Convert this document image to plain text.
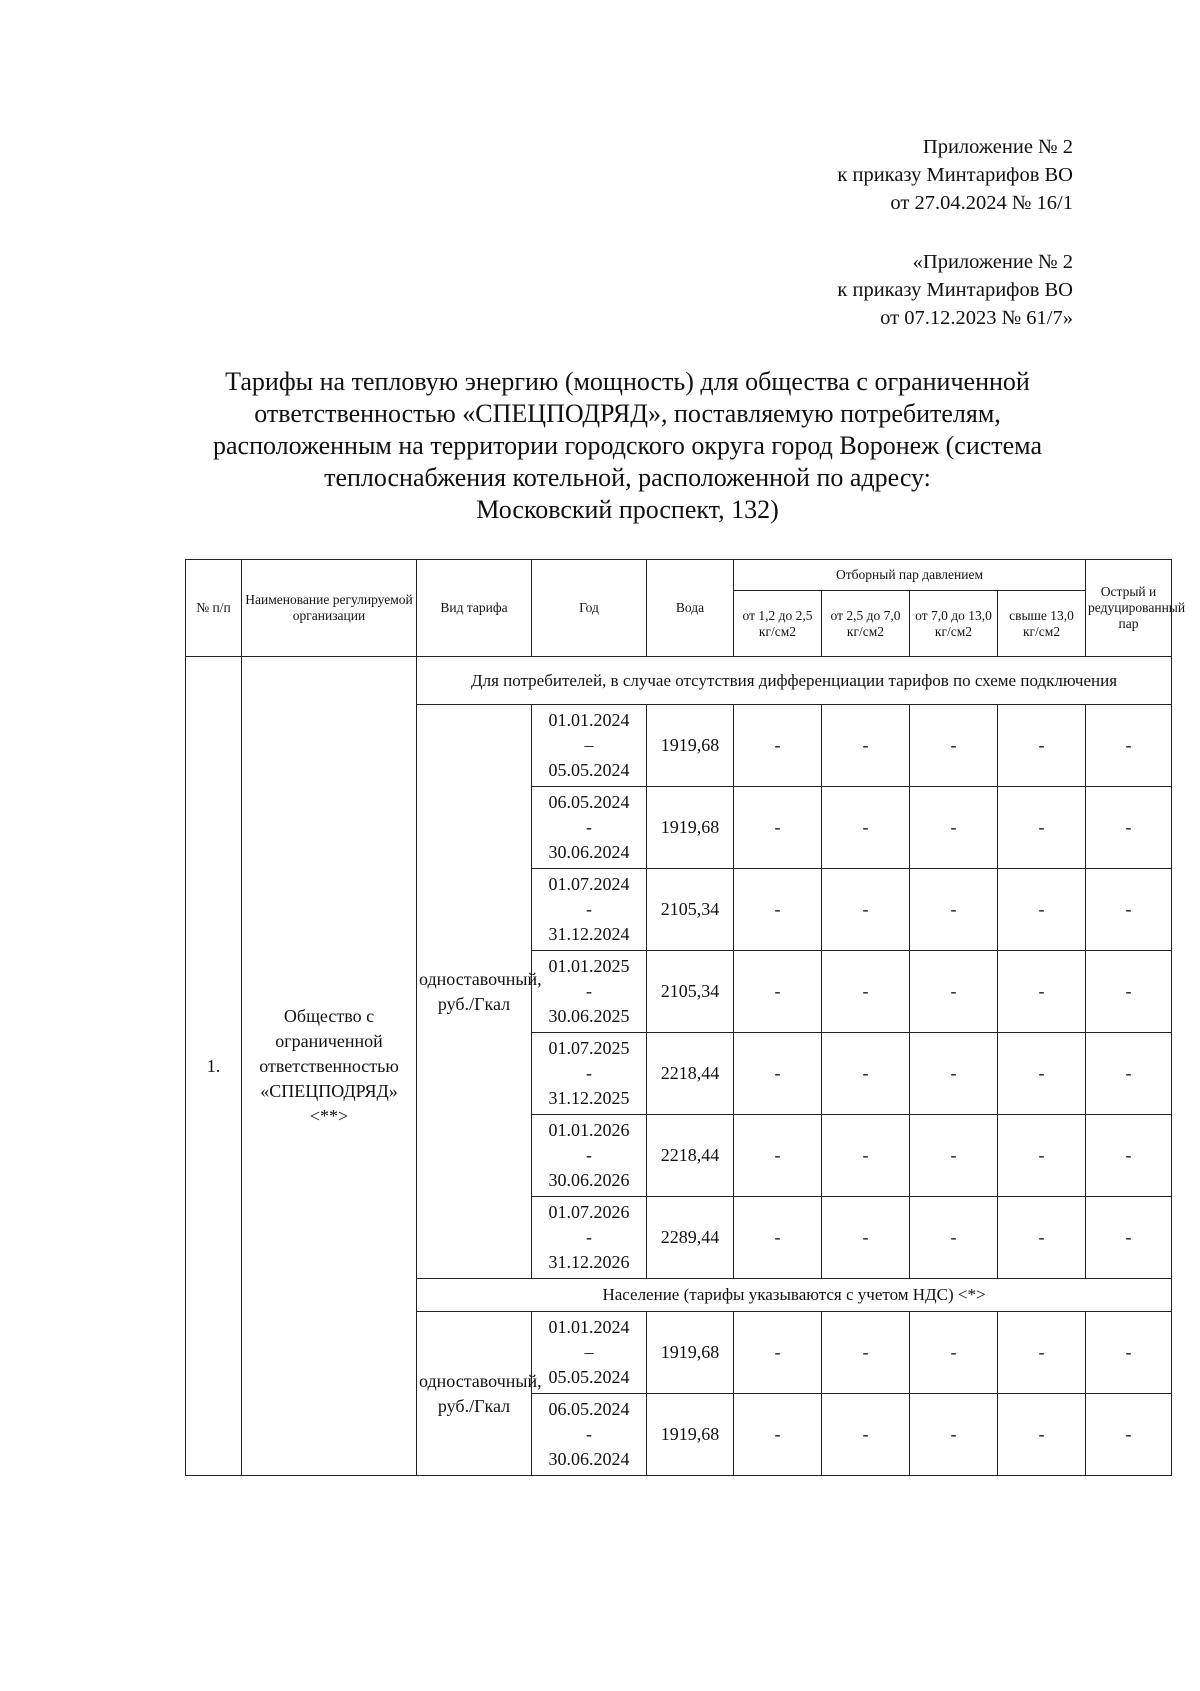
Приложение № 2
к приказу Минтарифов ВО
от 27.04.2024 № 16/1
«Приложение № 2
к приказу Минтарифов ВО
от 07.12.2023 № 61/7»
Тарифы на тепловую энергию (мощность) для общества с ограниченной
ответственностью «СПЕЦПОДРЯД», поставляемую потребителям,
расположенным на территории городского округа город Воронеж (система
теплоснабжения котельной, расположенной по адресу:
Московский проспект, 132)
№ п/п	Наименование регулируемой организации	Вид тарифа	Год	Вода	Отборный пар давлением				Острый и редуцированный пар
					от 1,2 до 2,5 кг/см2	от 2,5 до 7,0 кг/см2	от 7,0 до 13,0 кг/см2	свыше 13,0 кг/см2	
1.	Общество с ограниченной ответственностью «СПЕЦПОДРЯД» <**>	Для потребителей, в случае отсутствия дифференциации тарифов по схеме подключения							
		одноставочный, руб./Гкал	01.01.2024
–
05.05.2024	1919,68	-	-	-	-	-

			06.05.2024
-
30.06.2024	1919,68	-	-	-	-	-

			01.07.2024
-
31.12.2024	2105,34	-	-	-	-	-

			01.01.2025
-
30.06.2025	2105,34	-	-	-	-	-

			01.07.2025
-
31.12.2025	2218,44	-	-	-	-	-

			01.01.2026
-
30.06.2026	2218,44	-	-	-	-	-

			01.07.2026
-
31.12.2026	2289,44	-	-	-	-	-
		Население (тарифы указываются с учетом НДС) <*>							
		одноставочный, руб./Гкал	01.01.2024
–
05.05.2024	1919,68	-	-	-	-	-

			06.05.2024
-
30.06.2024	1919,68	-	-	-	-	-
